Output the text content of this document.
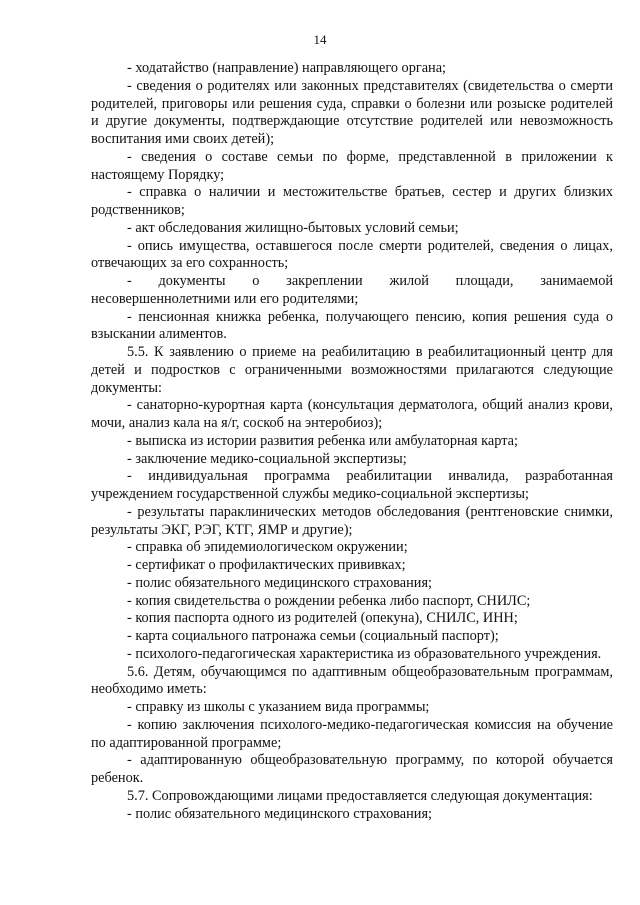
14

- ходатайство (направление) направляющего органа;

- сведения о родителях или законных представителях (свидетельства о смерти родителей, приговоры или решения суда, справки о болезни или розыске родителей и другие документы, подтверждающие отсутствие родителей или невозможность воспитания ими своих детей);

- сведения о составе семьи по форме, представленной в приложении к настоящему Порядку;

- справка о наличии и местожительстве братьев, сестер и других близких родственников;

- акт обследования жилищно-бытовых условий семьи;

- опись имущества, оставшегося после смерти родителей, сведения о лицах, отвечающих за его сохранность;

- документы о закреплении жилой площади, занимаемой несовершеннолетними или его родителями;

- пенсионная книжка ребенка, получающего пенсию, копия решения суда о взыскании алиментов.

5.5. К заявлению о приеме на реабилитацию в реабилитационный центр для детей и подростков с ограниченными возможностями прилагаются следующие документы:

- санаторно-курортная карта (консультация дерматолога, общий анализ крови, мочи, анализ кала на я/г, соскоб на энтеробиоз);

- выписка из истории развития ребенка или амбулаторная карта;

- заключение медико-социальной экспертизы;

- индивидуальная программа реабилитации инвалида, разработанная учреждением государственной службы медико-социальной экспертизы;

- результаты параклинических методов обследования (рентгеновские снимки, результаты ЭКГ, РЭГ, КТГ, ЯМР и другие);

- справка об эпидемиологическом окружении;

- сертификат о профилактических прививках;

- полис обязательного медицинского страхования;

- копия свидетельства о рождении ребенка либо паспорт, СНИЛС;

- копия паспорта одного из родителей (опекуна), СНИЛС, ИНН;

- карта социального патронажа семьи (социальный паспорт);

- психолого-педагогическая характеристика из образовательного учреждения.

5.6. Детям, обучающимся по адаптивным общеобразовательным программам, необходимо иметь:

- справку из школы с указанием вида программы;

- копию заключения психолого-медико-педагогическая комиссия на обучение по адаптированной программе;

- адаптированную общеобразовательную программу, по которой обучается ребенок.

5.7. Сопровождающими лицами предоставляется следующая документация:

- полис обязательного медицинского страхования;
